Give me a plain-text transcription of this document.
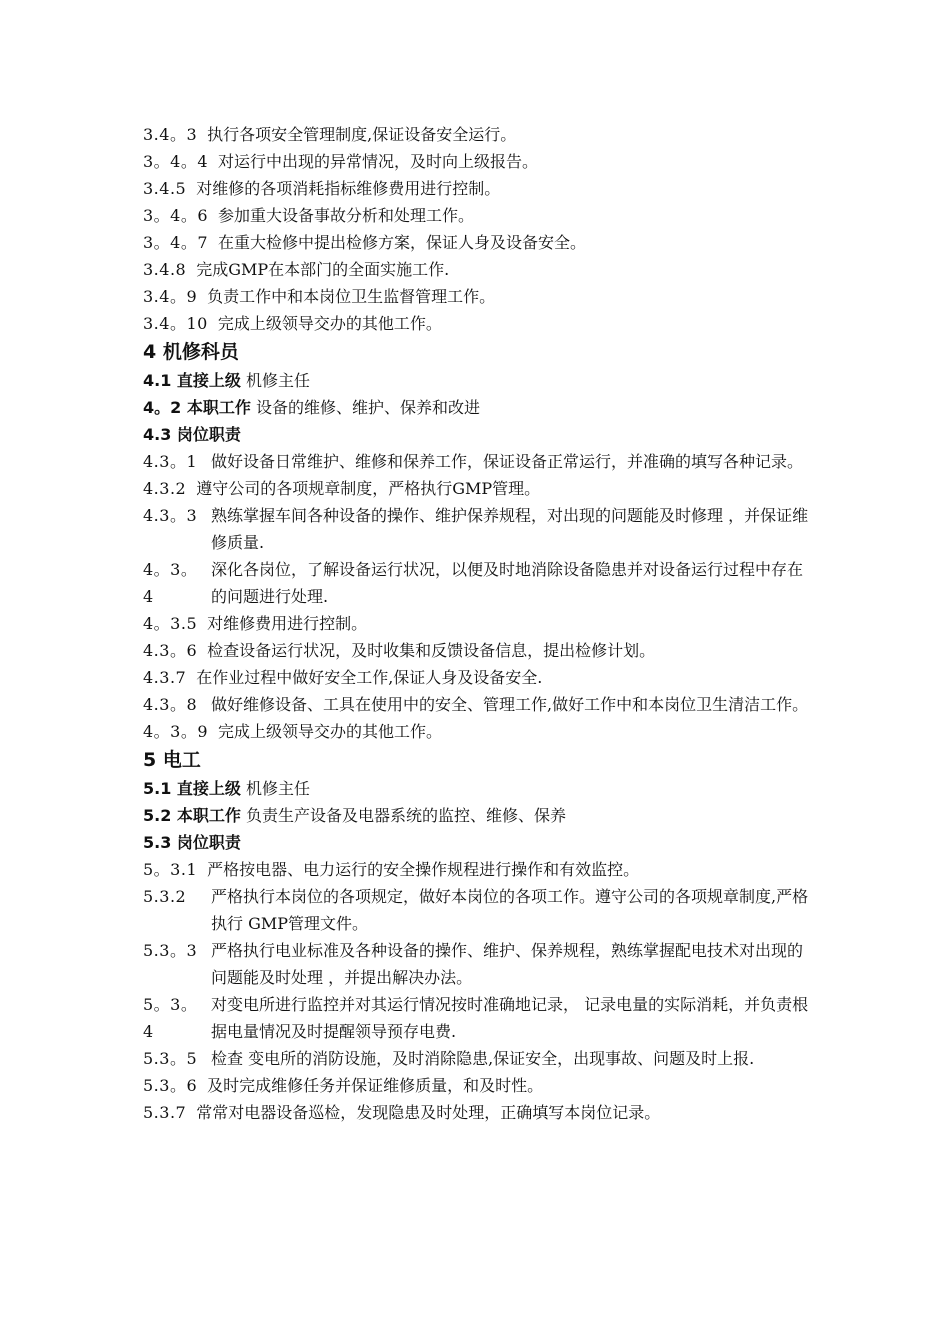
3.4。3 执行各项安全管理制度,保证设备安全运行。
3。4。4 对运行中出现的异常情况，及时向上级报告。
3.4.5 对维修的各项消耗指标维修费用进行控制。
3。4。6 参加重大设备事故分析和处理工作。
3。4。7 在重大检修中提出检修方案，保证人身及设备安全。
3.4.8 完成GMP在本部门的全面实施工作.
3.4。9 负责工作中和本岗位卫生监督管理工作。
3.4。10 完成上级领导交办的其他工作。
4 机修科员
4.1 直接上级 机修主任
4。2 本职工作 设备的维修、维护、保养和改进
4.3 岗位职责
4.3。1 做好设备日常维护、维修和保养工作，保证设备正常运行，并准确的填写各种记录。
4.3.2 遵守公司的各项规章制度，严格执行GMP管理。
4.3。3 熟练掌握车间各种设备的操作、维护保养规程，对出现的问题能及时修理 ，并保证维修质量.
4。3。4
深化各岗位，了解设备运行状况，以便及时地消除设备隐患并对设备运行过程中存在的问题进行处理.
4。3.5 对维修费用进行控制。
4.3。6 检查设备运行状况，及时收集和反馈设备信息，提出检修计划。
4.3.7 在作业过程中做好安全工作,保证人身及设备安全.
4.3。8 做好维修设备、工具在使用中的安全、管理工作,做好工作中和本岗位卫生清洁工作。
4。3。9 完成上级领导交办的其他工作。
5 电工
5.1 直接上级 机修主任
5.2 本职工作 负责生产设备及电器系统的监控、维修、保养
5.3 岗位职责
5。3.1 严格按电器、电力运行的安全操作规程进行操作和有效监控。
5.3.2	严格执行本岗位的各项规定，做好本岗位的各项工作。遵守公司的各项规章制度,严格执行 GMP管理文件。
5.3。3 严格执行电业标准及各种设备的操作、维护、保养规程，熟练掌握配电技术对出现的问题能及时处理 ，并提出解决办法。
5。3。4
对变电所进行监控并对其运行情况按时准确地记录， 记录电量的实际消耗，并负责根据电量情况及时提醒领导预存电费.
5.3。5 检查 变电所的消防设施，及时消除隐患,保证安全，出现事故、问题及时上报.
5.3。6 及时完成维修任务并保证维修质量，和及时性。
5.3.7 常常对电器设备巡检，发现隐患及时处理，正确填写本岗位记录。
